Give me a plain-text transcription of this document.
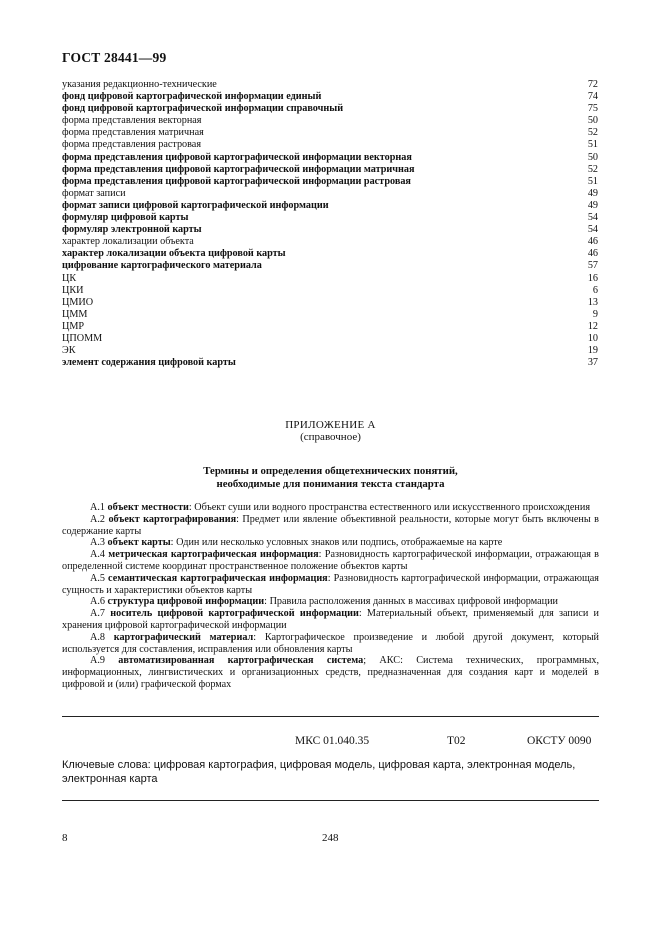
ГОСТ 28441—99
указания редакционно-технические	72
фонд цифровой картографической информации единый	74
фонд цифровой картографической информации справочный	75
форма представления векторная	50
форма представления матричная	52
форма представления растровая	51
форма представления цифровой картографической информации векторная	50
форма представления цифровой картографической информации матричная	52
форма представления цифровой картографической информации растровая	51
формат записи	49
формат записи цифровой картографической информации	49
формуляр цифровой карты	54
формуляр электронной карты	54
характер локализации объекта	46
характер локализации объекта цифровой карты	46
цифрование картографического материала	57
ЦК	16
ЦКИ	6
ЦМИО	13
ЦММ	9
ЦМР	12
ЦПОММ	10
ЭК	19
элемент содержания цифровой карты	37
ПРИЛОЖЕНИЕ А
(справочное)
Термины и определения общетехнических понятий,
необходимые для понимания текста стандарта

А.1 объект местности: Объект суши или водного пространства естественного или искусственного происхождения

А.2 объект картографирования: Предмет или явление объективной реальности, которые могут быть включены в содержание карты

А.3 объект карты: Один или несколько условных знаков или подпись, отображаемые на карте

А.4 метрическая картографическая информация: Разновидность картографической информации, отражающая в определенной системе координат пространственное положение объектов карты

А.5 семантическая картографическая информация: Разновидность картографической информации, отражающая сущность и характеристики объектов карты

А.6 структура цифровой информации: Правила расположения данных в массивах цифровой информации

А.7 носитель цифровой картографической информации: Материальный объект, применяемый для записи и хранения цифровой картографической информации

А.8 картографический материал: Картографическое произведение и любой другой документ, который используется для составления, исправления или обновления карты

А.9 автоматизированная картографическая система; АКС: Система технических, программных, информационных, лингвистических и организационных средств, предназначенная для создания карт и моделей в цифровой и (или) графической формах

МКС 01.040.35	Т02	ОКСТУ 0090
Ключевые слова: цифровая картография, цифровая модель, цифровая карта, электронная модель, электронная карта
8	248
